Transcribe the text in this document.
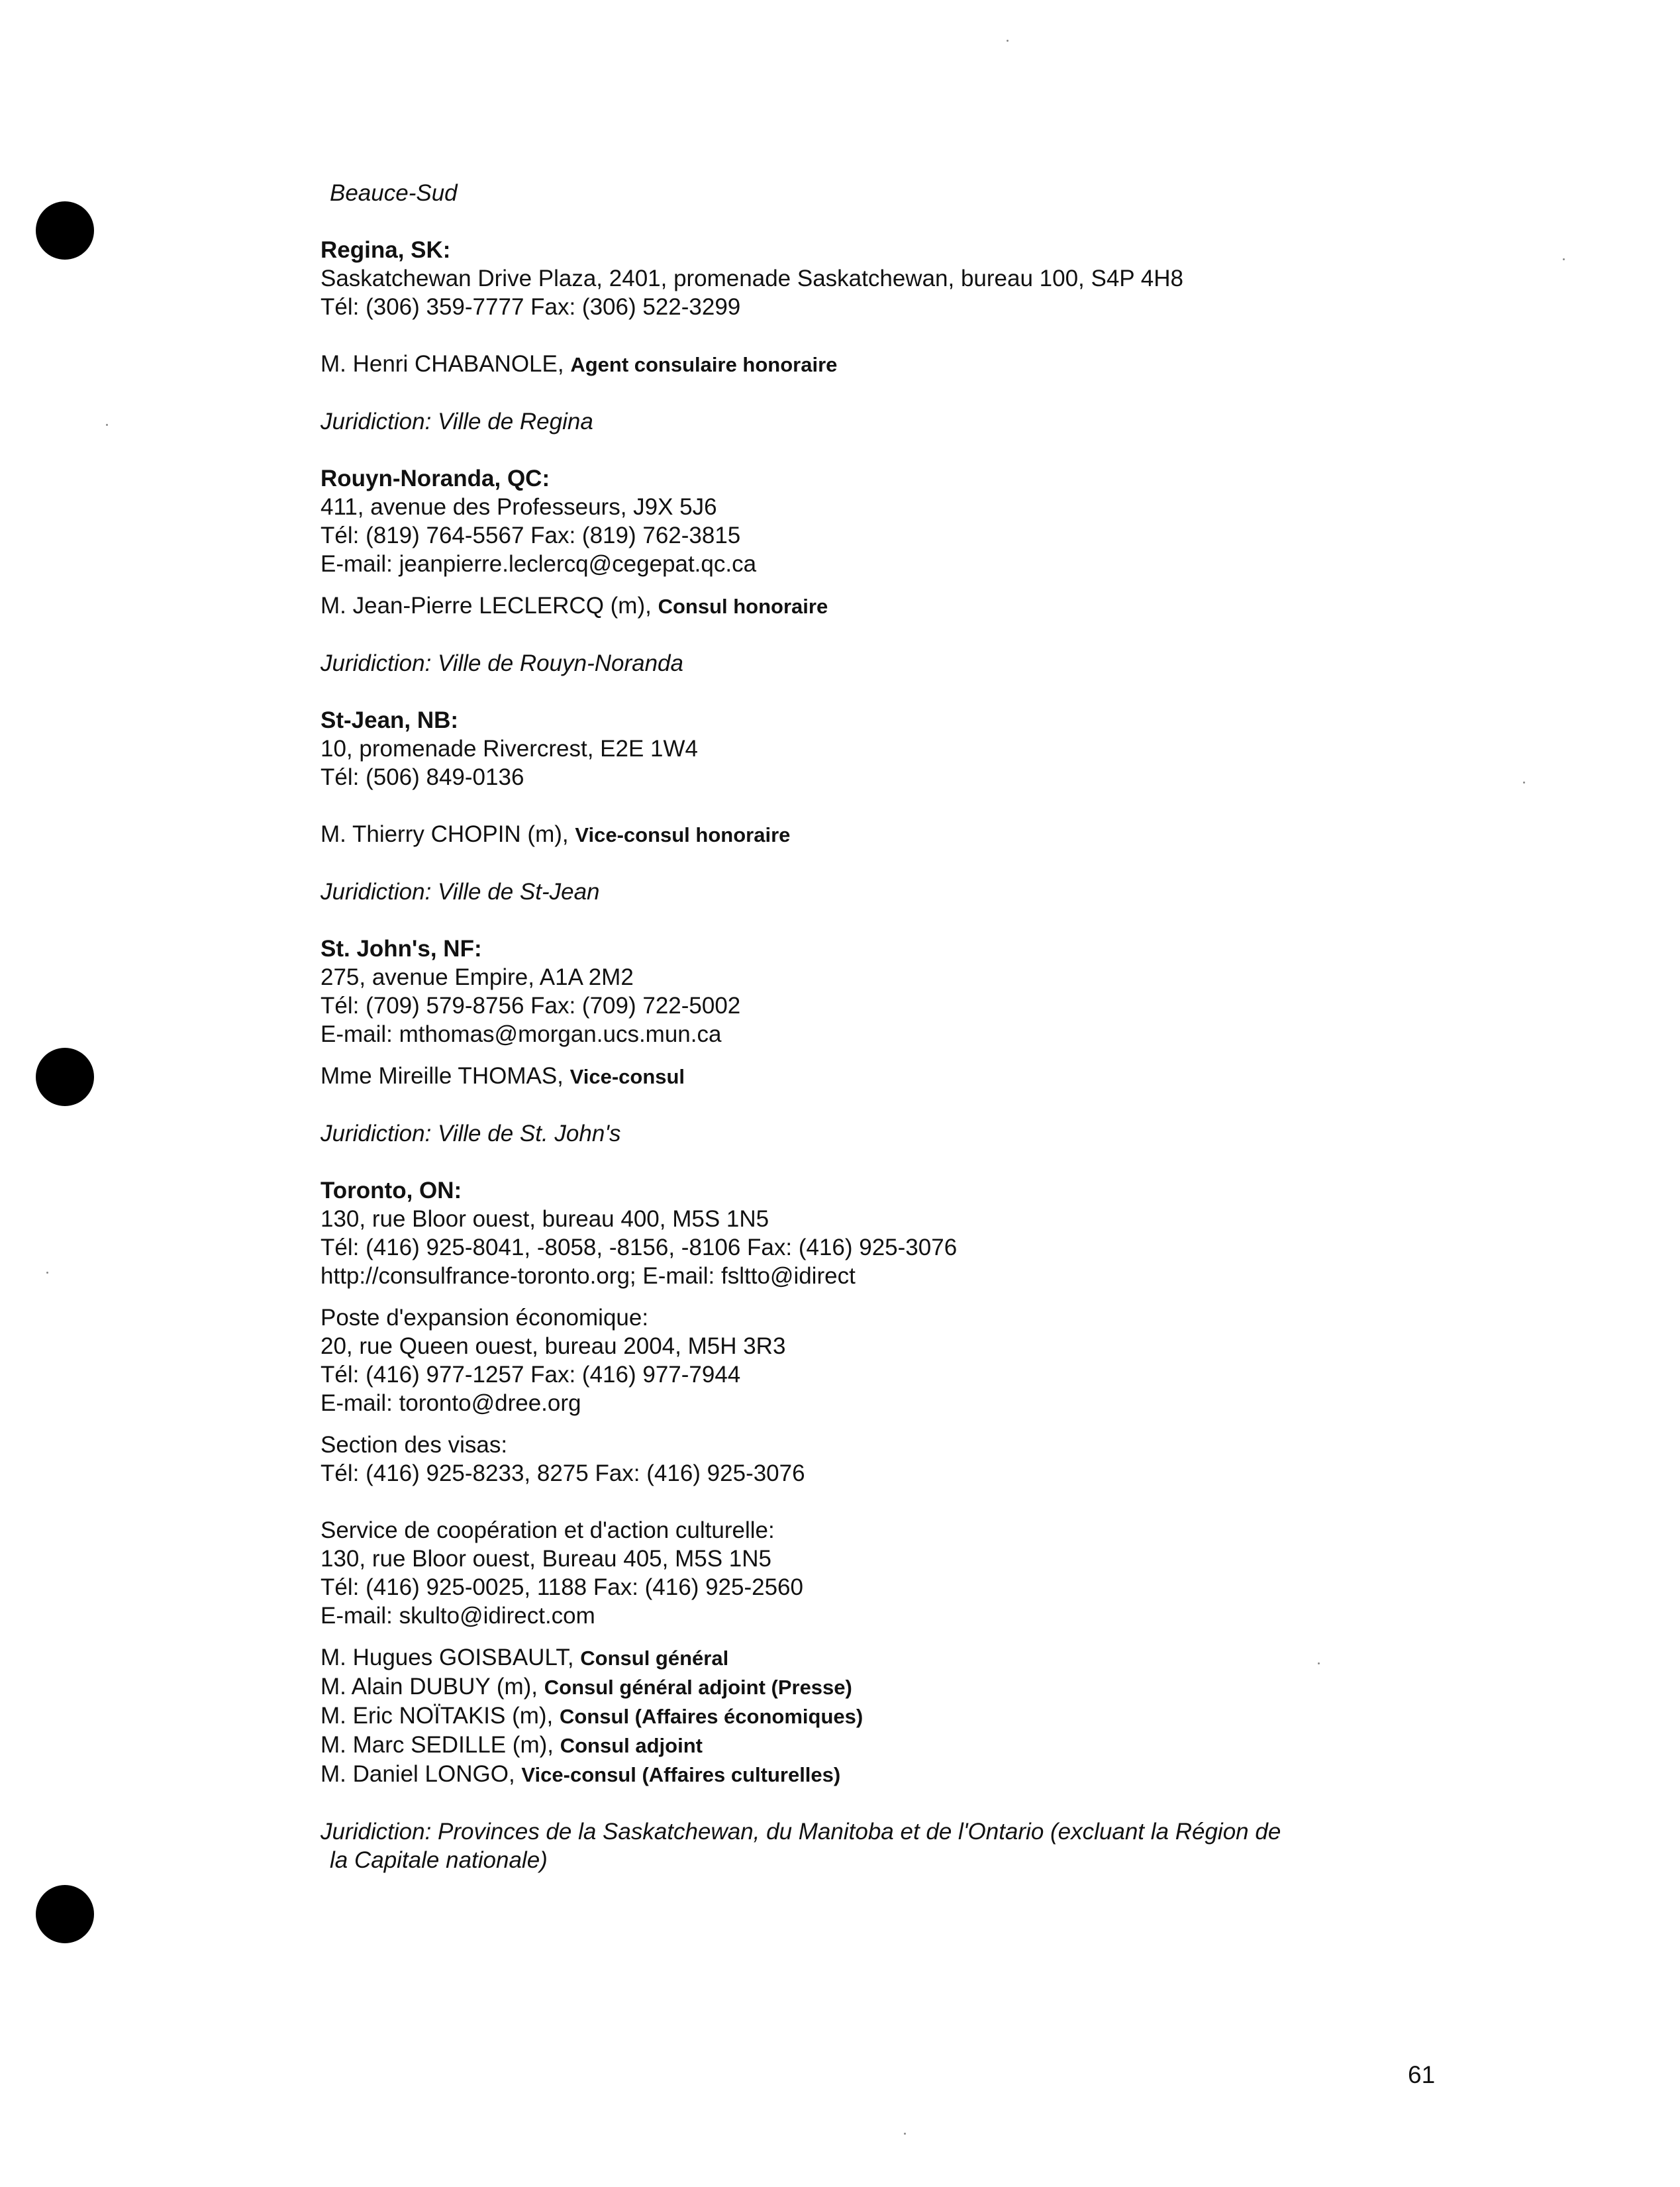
Beauce-Sud
Regina, SK:
Saskatchewan Drive Plaza, 2401, promenade Saskatchewan, bureau 100, S4P 4H8
Tél: (306) 359-7777 Fax: (306) 522-3299
M. Henri CHABANOLE, Agent consulaire honoraire
Juridiction: Ville de Regina
Rouyn-Noranda, QC:
411, avenue des Professeurs, J9X 5J6
Tél: (819) 764-5567 Fax: (819) 762-3815
E-mail: jeanpierre.leclercq@cegepat.qc.ca
M. Jean-Pierre LECLERCQ (m), Consul honoraire
Juridiction: Ville de Rouyn-Noranda
St-Jean, NB:
10, promenade Rivercrest, E2E 1W4
Tél: (506) 849-0136
M. Thierry CHOPIN (m), Vice-consul honoraire
Juridiction: Ville de St-Jean
St. John's, NF:
275, avenue Empire, A1A 2M2
Tél: (709) 579-8756 Fax: (709) 722-5002
E-mail: mthomas@morgan.ucs.mun.ca
Mme Mireille THOMAS, Vice-consul
Juridiction: Ville de St. John's
Toronto, ON:
130, rue Bloor ouest, bureau 400, M5S 1N5
Tél: (416) 925-8041, -8058, -8156, -8106 Fax: (416) 925-3076
http://consulfrance-toronto.org; E-mail: fsltto@idirect
Poste d'expansion économique:
20, rue Queen ouest, bureau 2004, M5H 3R3
Tél: (416) 977-1257 Fax: (416) 977-7944
E-mail: toronto@dree.org
Section des visas:
Tél: (416) 925-8233, 8275 Fax: (416) 925-3076
Service de coopération et d'action culturelle:
130, rue Bloor ouest, Bureau 405, M5S 1N5
Tél: (416) 925-0025, 1188 Fax: (416) 925-2560
E-mail: skulto@idirect.com
M. Hugues GOISBAULT, Consul général
M. Alain DUBUY (m), Consul général adjoint (Presse)
M. Eric NOÏTAKIS (m), Consul (Affaires économiques)
M. Marc SEDILLE (m), Consul adjoint
M. Daniel LONGO, Vice-consul (Affaires culturelles)
Juridiction: Provinces de la Saskatchewan, du Manitoba et de l'Ontario (excluant la Région de
la Capitale nationale)
61
